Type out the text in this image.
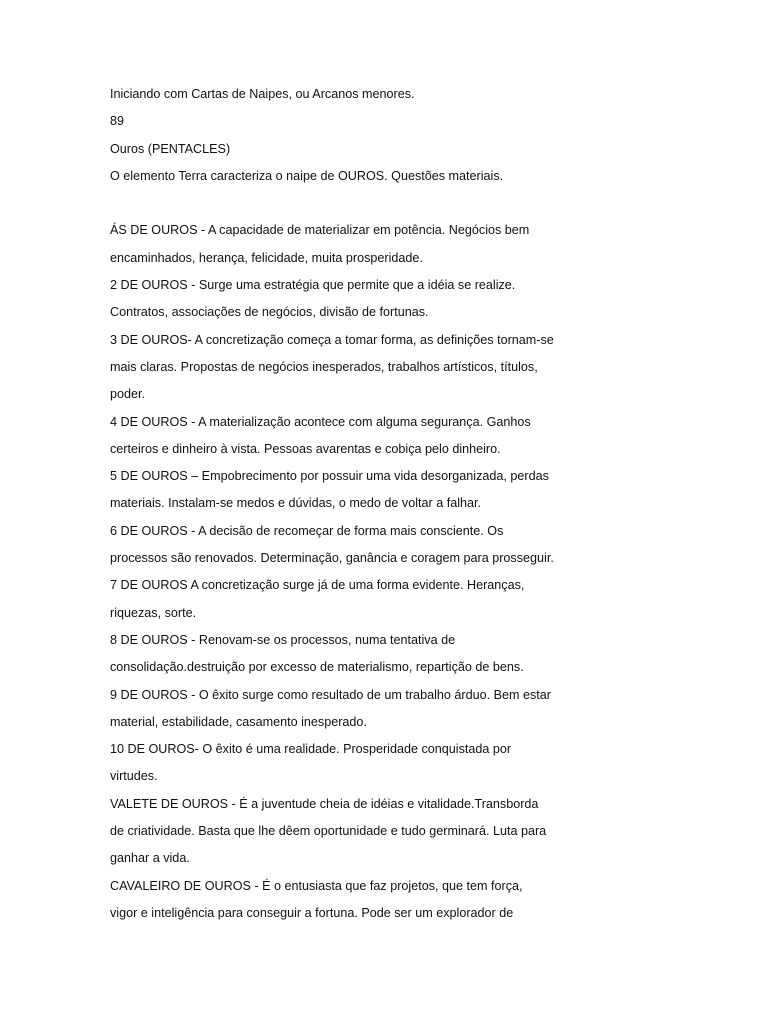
Iniciando com Cartas de Naipes, ou Arcanos menores.
89
Ouros (PENTACLES)
O elemento Terra caracteriza o naipe de OUROS. Questões materiais.
ÁS DE OUROS - A capacidade de materializar em potência. Negócios bem
encaminhados, herança, felicidade, muita prosperidade.
2 DE OUROS - Surge uma estratégia que permite que a idéia se realize.
Contratos, associações de negócios, divisão de fortunas.
3 DE OUROS- A concretização começa a tomar forma, as definições tornam-se
mais claras. Propostas de negócios inesperados, trabalhos artísticos, títulos,
poder.
4 DE OUROS - A materialização acontece com alguma segurança. Ganhos
certeiros e dinheiro à vista. Pessoas avarentas e cobiça pelo dinheiro.
5 DE OUROS – Empobrecimento por possuir uma vida desorganizada, perdas
materiais. Instalam-se medos e dúvidas, o medo de voltar a falhar.
6 DE OUROS - A decisão de recomeçar de forma mais consciente. Os
processos são renovados. Determinação, ganância e coragem para prosseguir.
7 DE OUROS A concretização surge já de uma forma evidente. Heranças,
riquezas, sorte.
8 DE OUROS - Renovam-se os processos, numa tentativa de
consolidação.destruição por excesso de materialismo, repartição de bens.
9 DE OUROS - O êxito surge como resultado de um trabalho árduo. Bem estar
material, estabilidade, casamento inesperado.
10 DE OUROS- O êxito é uma realidade. Prosperidade conquistada por
virtudes.
VALETE DE OUROS - É a juventude cheia de idéias e vitalidade.Transborda
de criatividade. Basta que lhe dêem oportunidade e tudo germinará. Luta para
ganhar a vida.
CAVALEIRO DE OUROS - É o entusiasta que faz projetos, que tem força,
vigor e inteligência para conseguir a fortuna. Pode ser um explorador de
